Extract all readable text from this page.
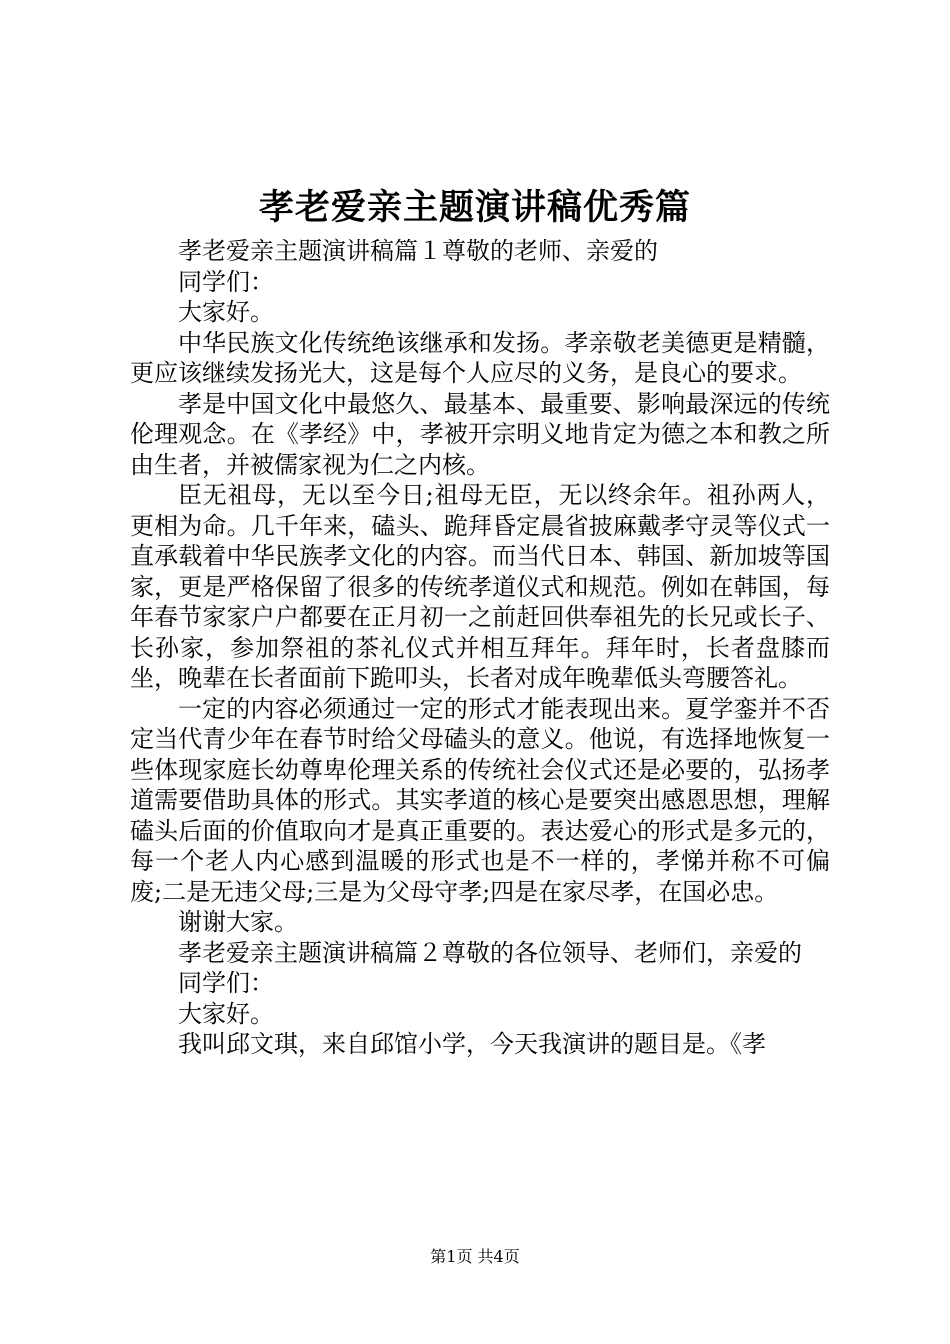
孝老爱亲主题演讲稿优秀篇

孝老爱亲主题演讲稿篇１尊敬的老师、亲爱的

同学们：

大家好。

中华民族文化传统绝该继承和发扬。孝亲敬老美德更是精髓，更应该继续发扬光大，这是每个人应尽的义务，是良心的要求。

孝是中国文化中最悠久、最基本、最重要、影响最深远的传统伦理观念。在《孝经》中，孝被开宗明义地肯定为德之本和教之所由生者，并被儒家视为仁之内核。

臣无祖母，无以至今日;祖母无臣，无以终余年。祖孙两人，更相为命。几千年来，磕头、跪拜昏定晨省披麻戴孝守灵等仪式一直承载着中华民族孝文化的内容。而当代日本、韩国、新加坡等国家，更是严格保留了很多的传统孝道仪式和规范。例如在韩国，每年春节家家户户都要在正月初一之前赶回供奉祖先的长兄或长子、长孙家，参加祭祖的茶礼仪式并相互拜年。拜年时，长者盘膝而坐，晚辈在长者面前下跪叩头，长者对成年晚辈低头弯腰答礼。

一定的内容必须通过一定的形式才能表现出来。夏学銮并不否定当代青少年在春节时给父母磕头的意义。他说，有选择地恢复一些体现家庭长幼尊卑伦理关系的传统社会仪式还是必要的，弘扬孝道需要借助具体的形式。其实孝道的核心是要突出感恩思想，理解磕头后面的价值取向才是真正重要的。表达爱心的形式是多元的，每一个老人内心感到温暖的形式也是不一样的，孝悌并称不可偏废;二是无违父母;三是为父母守孝;四是在家尽孝，在国必忠。

谢谢大家。

孝老爱亲主题演讲稿篇２尊敬的各位领导、老师们，亲爱的

同学们：

大家好。

我叫邱文琪，来自邱馆小学，今天我演讲的题目是。《孝

第1页 共4页
